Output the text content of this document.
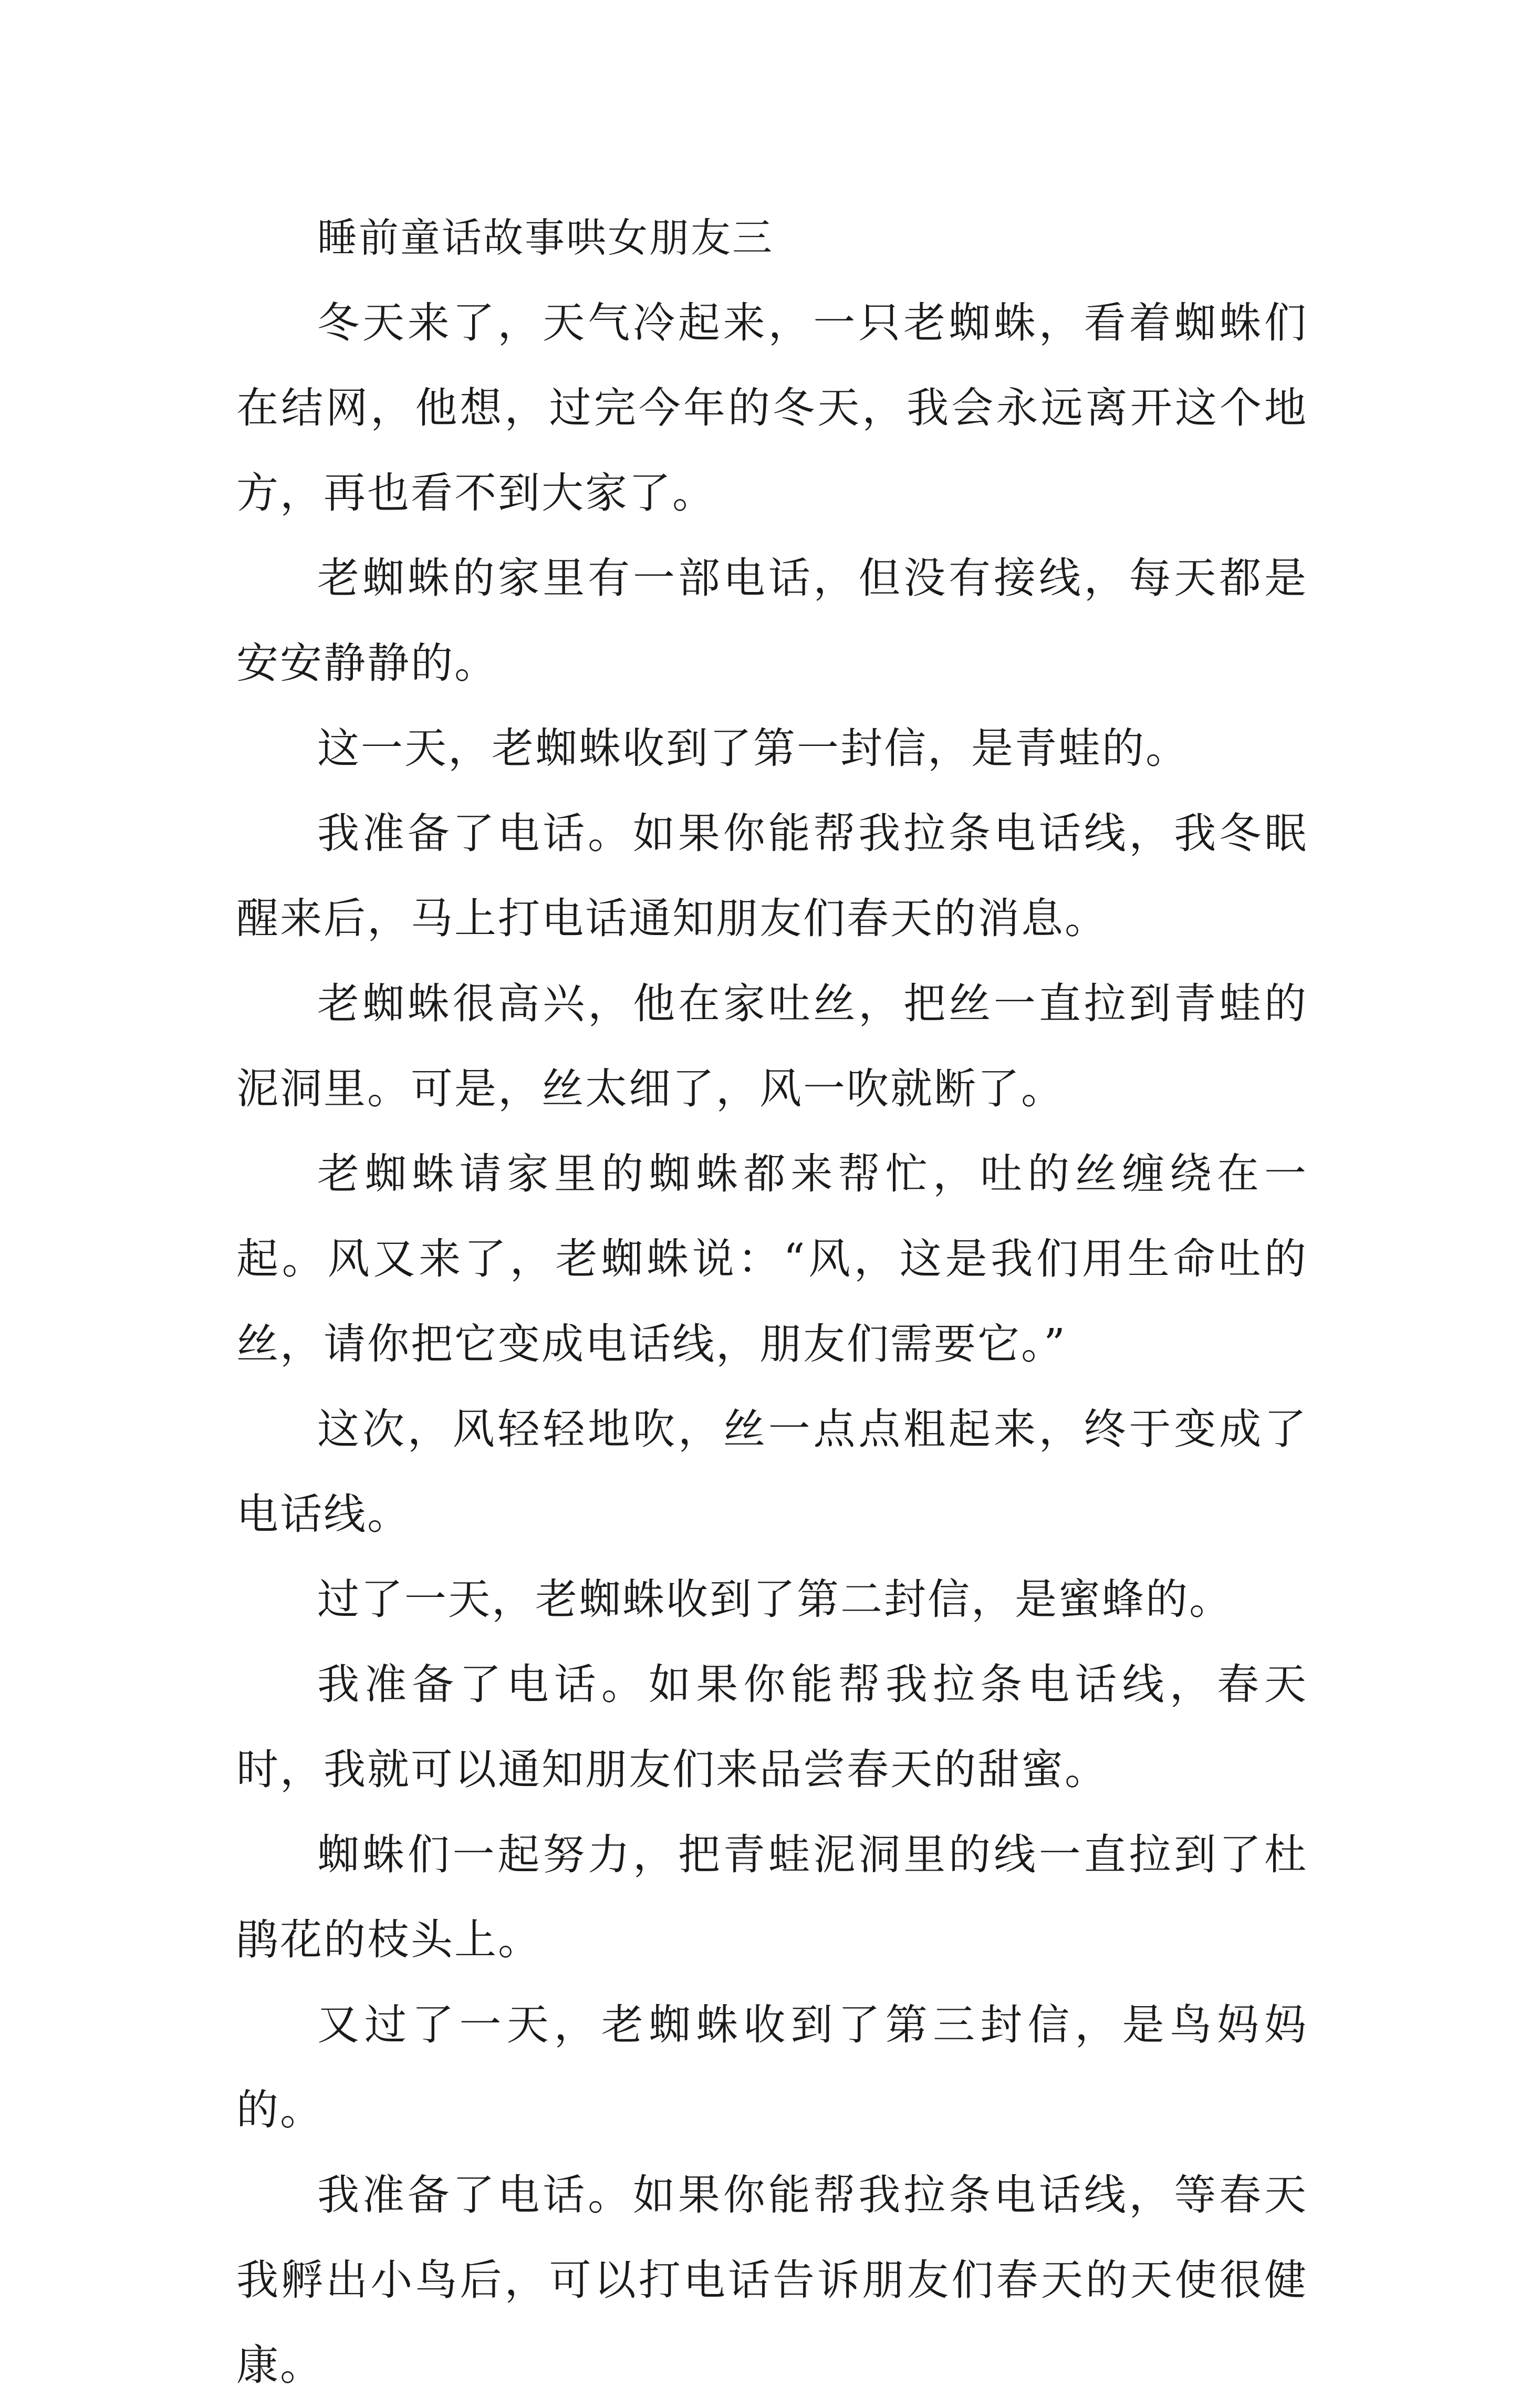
睡前童话故事哄女朋友三

冬天来了，天气冷起来，一只老蜘蛛，看着蜘蛛们在结网，他想，过完今年的冬天，我会永远离开这个地方，再也看不到大家了。

老蜘蛛的家里有一部电话，但没有接线，每天都是安安静静的。

这一天，老蜘蛛收到了第一封信，是青蛙的。

我准备了电话。如果你能帮我拉条电话线，我冬眠醒来后，马上打电话通知朋友们春天的消息。

老蜘蛛很高兴，他在家吐丝，把丝一直拉到青蛙的泥洞里。可是，丝太细了，风一吹就断了。

老蜘蛛请家里的蜘蛛都来帮忙，吐的丝缠绕在一起。风又来了，老蜘蛛说：“风，这是我们用生命吐的丝，请你把它变成电话线，朋友们需要它。”

这次，风轻轻地吹，丝一点点粗起来，终于变成了电话线。

过了一天，老蜘蛛收到了第二封信，是蜜蜂的。

我准备了电话。如果你能帮我拉条电话线，春天时，我就可以通知朋友们来品尝春天的甜蜜。

蜘蛛们一起努力，把青蛙泥洞里的线一直拉到了杜鹃花的枝头上。

又过了一天，老蜘蛛收到了第三封信，是鸟妈妈的。

我准备了电话。如果你能帮我拉条电话线，等春天我孵出小鸟后，可以打电话告诉朋友们春天的天使很健康。
